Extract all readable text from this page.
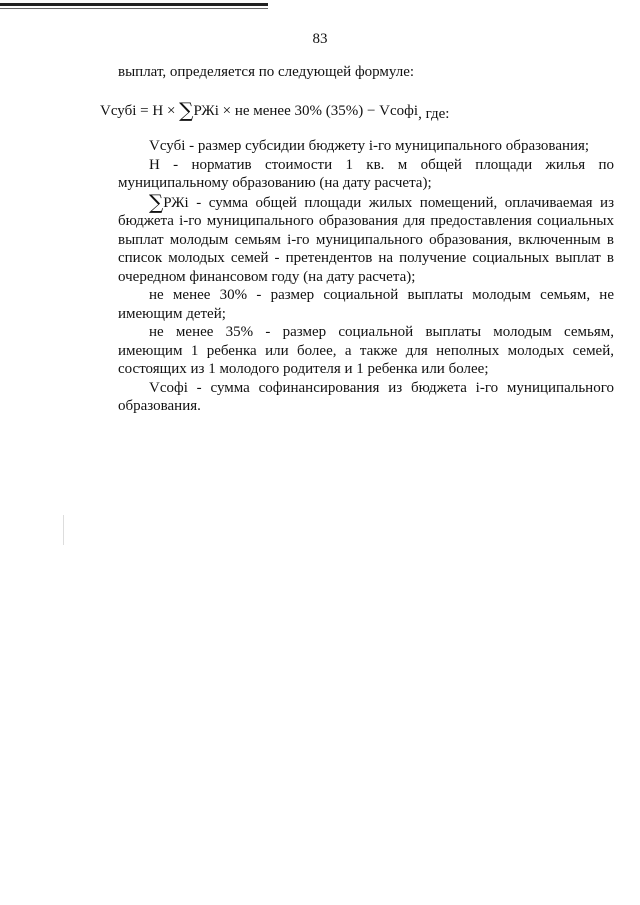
83

выплат, определяется по следующей формуле:

Vсубi = Н × ∑РЖi × не менее 30% (35%) − Vсофi, где:

Vсубi - размер субсидии бюджету i-го муниципального образования;

Н - норматив стоимости 1 кв. м общей площади жилья по муниципальному образованию (на дату расчета);

∑РЖi - сумма общей площади жилых помещений, оплачиваемая из бюджета i-го муниципального образования для предоставления социальных выплат молодым семьям i-го муниципального образования, включенным в список молодых семей - претендентов на получение социальных выплат в очередном финансовом году (на дату расчета);

не менее 30% - размер социальной выплаты молодым семьям, не имеющим детей;

не менее 35% - размер социальной выплаты молодым семьям, имеющим 1 ребенка или более, а также для неполных молодых семей, состоящих из 1 молодого родителя и 1 ребенка или более;

Vсофi - сумма софинансирования из бюджета i-го муниципального образования.
